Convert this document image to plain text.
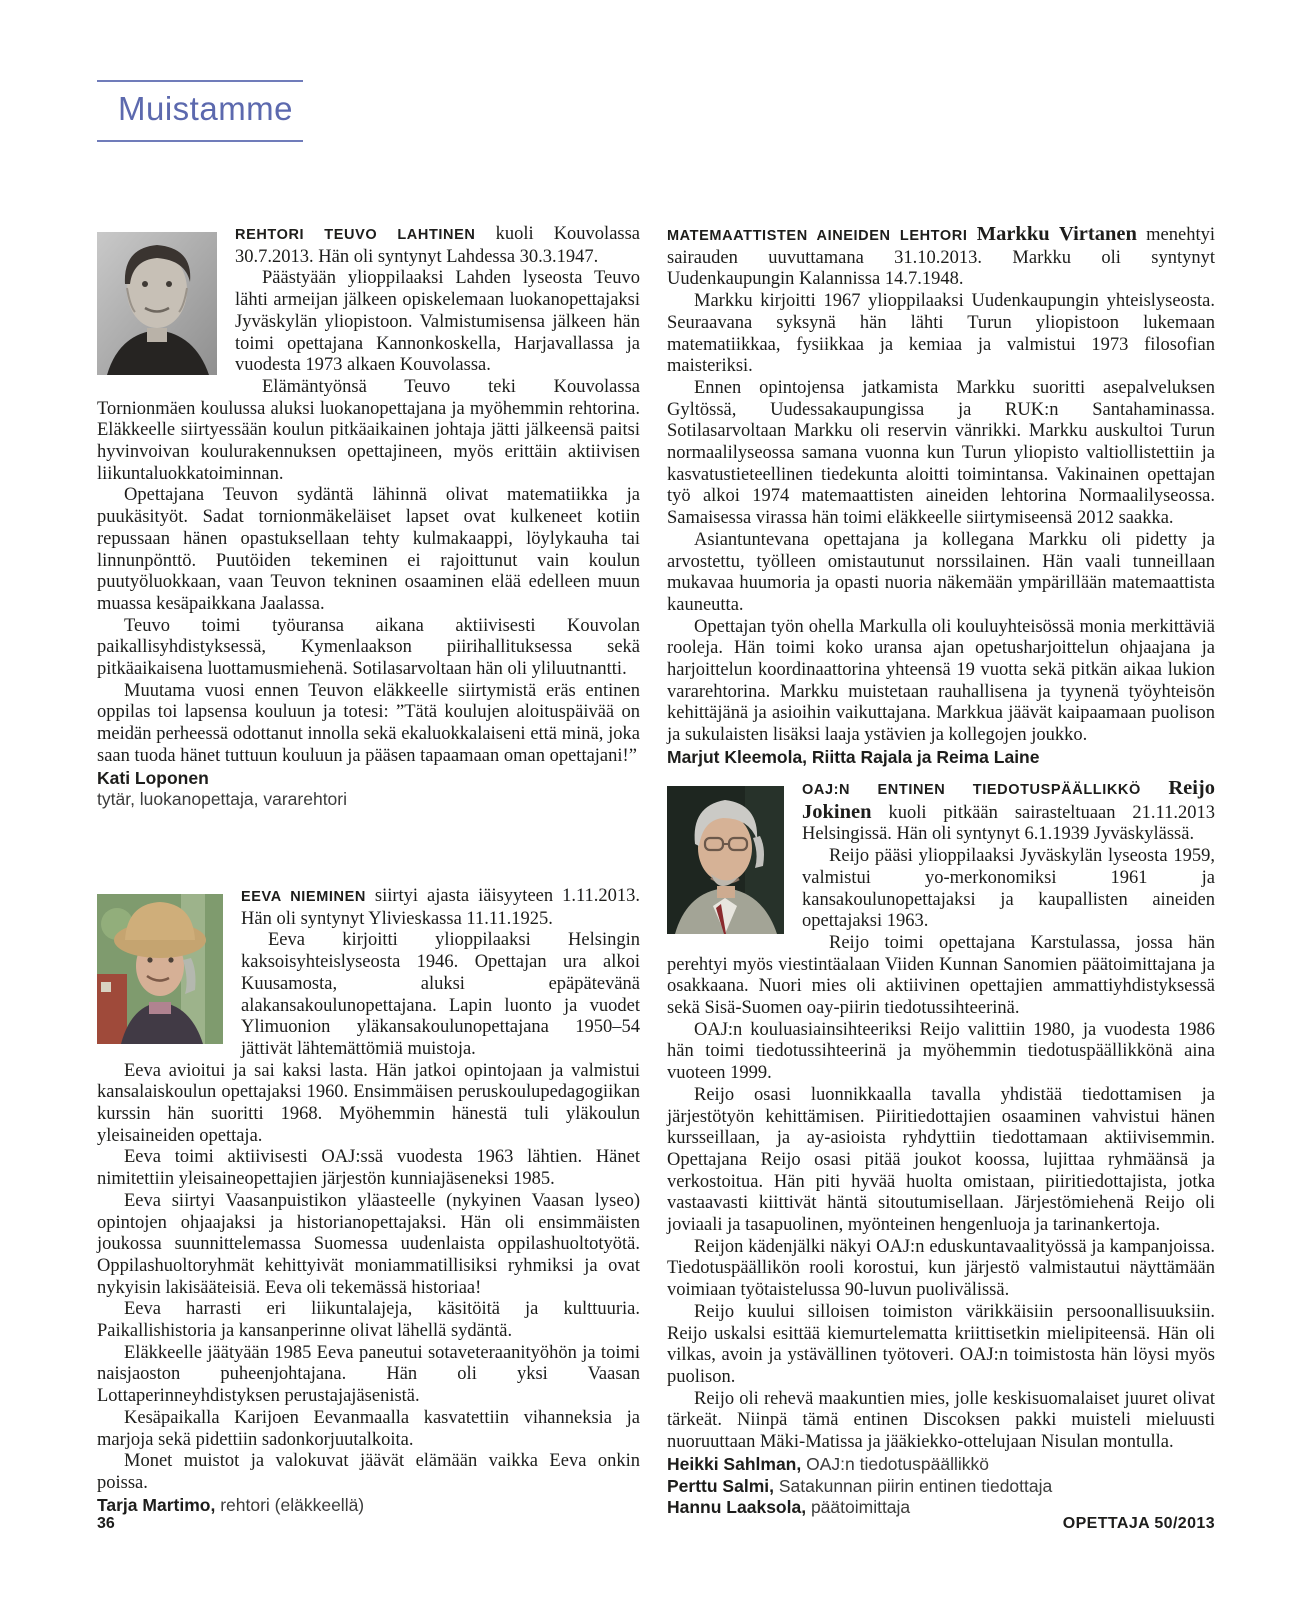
Muistamme

REHTORI TEUVO LAHTINEN kuoli Kouvolassa 30.7.2013. Hän oli syntynyt Lahdessa 30.3.1947.

Päästyään ylioppilaaksi Lahden lyseosta Teuvo lähti armeijan jälkeen opiskelemaan luokanopettajaksi Jyväskylän yliopistoon. Valmistumisensa jälkeen hän toimi opettajana Kannonkoskella, Harjavallassa ja vuodesta 1973 alkaen Kouvolassa.

Elämäntyönsä Teuvo teki Kouvolassa Tornionmäen koulussa aluksi luokanopettajana ja myöhemmin rehtorina. Eläkkeelle siirtyessään koulun pitkäaikainen johtaja jätti jälkeensä paitsi hyvinvoivan koulurakennuksen opettajineen, myös erittäin aktiivisen liikuntaluokkatoiminnan.

Opettajana Teuvon sydäntä lähinnä olivat matematiikka ja puukäsityöt. Sadat tornionmäkeläiset lapset ovat kulkeneet kotiin repussaan hänen opastuksellaan tehty kulmakaappi, löylykauha tai linnunpönttö. Puutöiden tekeminen ei rajoittunut vain koulun puutyöluokkaan, vaan Teuvon tekninen osaaminen elää edelleen muun muassa kesäpaikkana Jaalassa.

Teuvo toimi työuransa aikana aktiivisesti Kouvolan paikallisyhdistyksessä, Kymenlaakson piirihallituksessa sekä pitkäaikaisena luottamusmiehenä. Sotilasarvoltaan hän oli yliluutnantti.

Muutama vuosi ennen Teuvon eläkkeelle siirtymistä eräs entinen oppilas toi lapsensa kouluun ja totesi: ”Tätä koulujen aloituspäivää on meidän perheessä odottanut innolla sekä ekaluokkalaiseni että minä, joka saan tuoda hänet tuttuun kouluun ja pääsen tapaamaan oman opettajani!”

Kati Loponen

tytär, luokanopettaja, vararehtori

EEVA NIEMINEN siirtyi ajasta iäisyyteen 1.11.2013. Hän oli syntynyt Ylivieskassa 11.11.1925.

Eeva kirjoitti ylioppilaaksi Helsingin kaksoisyhteislyseosta 1946. Opettajan ura alkoi Kuusamosta, aluksi epäpätevänä alakansakoulunopettajana. Lapin luonto ja vuodet Ylimuonion yläkansakoulunopettajana 1950–54 jättivät lähtemättömiä muistoja.

Eeva avioitui ja sai kaksi lasta. Hän jatkoi opintojaan ja valmistui kansalaiskoulun opettajaksi 1960. Ensimmäisen peruskoulupedagogiikan kurssin hän suoritti 1968. Myöhemmin hänestä tuli yläkoulun yleisaineiden opettaja.

Eeva toimi aktiivisesti OAJ:ssä vuodesta 1963 lähtien. Hänet nimitettiin yleisaineopettajien järjestön kunniajäseneksi 1985.

Eeva siirtyi Vaasanpuistikon yläasteelle (nykyinen Vaasan lyseo) opintojen ohjaajaksi ja historianopettajaksi. Hän oli ensimmäisten joukossa suunnittelemassa Suomessa uudenlaista oppilashuoltotyötä. Oppilashuoltoryhmät kehittyivät moniammatillisiksi ryhmiksi ja ovat nykyisin lakisääteisiä. Eeva oli tekemässä historiaa!

Eeva harrasti eri liikuntalajeja, käsitöitä ja kulttuuria. Paikallishistoria ja kansanperinne olivat lähellä sydäntä.

Eläkkeelle jäätyään 1985 Eeva paneutui sotaveteraanityöhön ja toimi naisjaoston puheenjohtajana. Hän oli yksi Vaasan Lottaperinneyhdistyksen perustajajäsenistä.

Kesäpaikalla Karijoen Eevanmaalla kasvatettiin vihanneksia ja marjoja sekä pidettiin sadonkorjuutalkoita.

Monet muistot ja valokuvat jäävät elämään vaikka Eeva onkin poissa.

Tarja Martimo, rehtori (eläkkeellä)

MATEMAATTISTEN AINEIDEN LEHTORI Markku Virtanen menehtyi sairauden uuvuttamana 31.10.2013. Markku oli syntynyt Uudenkaupungin Kalannissa 14.7.1948.

Markku kirjoitti 1967 ylioppilaaksi Uudenkaupungin yhteislyseosta. Seuraavana syksynä hän lähti Turun yliopistoon lukemaan matematiikkaa, fysiikkaa ja kemiaa ja valmistui 1973 filosofian maisteriksi.

Ennen opintojensa jatkamista Markku suoritti asepalveluksen Gyltössä, Uudessakaupungissa ja RUK:n Santahaminassa. Sotilasarvoltaan Markku oli reservin vänrikki. Markku auskultoi Turun normaalilyseossa samana vuonna kun Turun yliopisto valtiollistettiin ja kasvatustieteellinen tiedekunta aloitti toimintansa. Vakinainen opettajan työ alkoi 1974 matemaattisten aineiden lehtorina Normaalilyseossa. Samaisessa virassa hän toimi eläkkeelle siirtymiseensä 2012 saakka.

Asiantuntevana opettajana ja kollegana Markku oli pidetty ja arvostettu, työlleen omistautunut norssilainen. Hän vaali tunneillaan mukavaa huumoria ja opasti nuoria näkemään ympärillään matemaattista kauneutta.

Opettajan työn ohella Markulla oli kouluyhteisössä monia merkittäviä rooleja. Hän toimi koko uransa ajan opetusharjoittelun ohjaajana ja harjoittelun koordinaattorina yhteensä 19 vuotta sekä pitkän aikaa lukion vararehtorina. Markku muistetaan rauhallisena ja tyynenä työyhteisön kehittäjänä ja asioihin vaikuttajana. Markkua jäävät kaipaamaan puolison ja sukulaisten lisäksi laaja ystävien ja kollegojen joukko.

Marjut Kleemola, Riitta Rajala ja Reima Laine

OAJ:N ENTINEN TIEDOTUSPÄÄLLIKKÖ Reijo Jokinen kuoli pitkään sairasteltuaan 21.11.2013 Helsingissä. Hän oli syntynyt 6.1.1939 Jyväskylässä.

Reijo pääsi ylioppilaaksi Jyväskylän lyseosta 1959, valmistui yo-merkonomiksi 1961 ja kansakoulunopettajaksi ja kaupallisten aineiden opettajaksi 1963.

Reijo toimi opettajana Karstulassa, jossa hän perehtyi myös viestintäalaan Viiden Kunnan Sanomien päätoimittajana ja osakkaana. Nuori mies oli aktiivinen opettajien ammattiyhdistyksessä sekä Sisä-Suomen oay-piirin tiedotussihteerinä.

OAJ:n kouluasiainsihteeriksi Reijo valittiin 1980, ja vuodesta 1986 hän toimi tiedotussihteerinä ja myöhemmin tiedotuspäällikkönä aina vuoteen 1999.

Reijo osasi luonnikkaalla tavalla yhdistää tiedottamisen ja järjestötyön kehittämisen. Piiritiedottajien osaaminen vahvistui hänen kursseillaan, ja ay-asioista ryhdyttiin tiedottamaan aktiivisemmin. Opettajana Reijo osasi pitää joukot koossa, lujittaa ryhmäänsä ja verkostoitua. Hän piti hyvää huolta omistaan, piiritiedottajista, jotka vastaavasti kiittivät häntä sitoutumisellaan. Järjestömiehenä Reijo oli joviaali ja tasapuolinen, myönteinen hengenluoja ja tarinankertoja.

Reijon kädenjälki näkyi OAJ:n eduskuntavaalityössä ja kampanjoissa. Tiedotuspäällikön rooli korostui, kun järjestö valmistautui näyttämään voimiaan työtaistelussa 90-luvun puolivälissä.

Reijo kuului silloisen toimiston värikkäisiin persoonallisuuksiin. Reijo uskalsi esittää kiemurtelematta kriittisetkin mielipiteensä. Hän oli vilkas, avoin ja ystävällinen työtoveri. OAJ:n toimistosta hän löysi myös puolison.

Reijo oli rehevä maakuntien mies, jolle keskisuomalaiset juuret olivat tärkeät. Niinpä tämä entinen Discoksen pakki muisteli mieluusti nuoruuttaan Mäki-Matissa ja jääkiekko-ottelujaan Nisulan montulla.

Heikki Sahlman, OAJ:n tiedotuspäällikkö

Perttu Salmi, Satakunnan piirin entinen tiedottaja

Hannu Laaksola, päätoimittaja

36	OPETTAJA 50/2013
